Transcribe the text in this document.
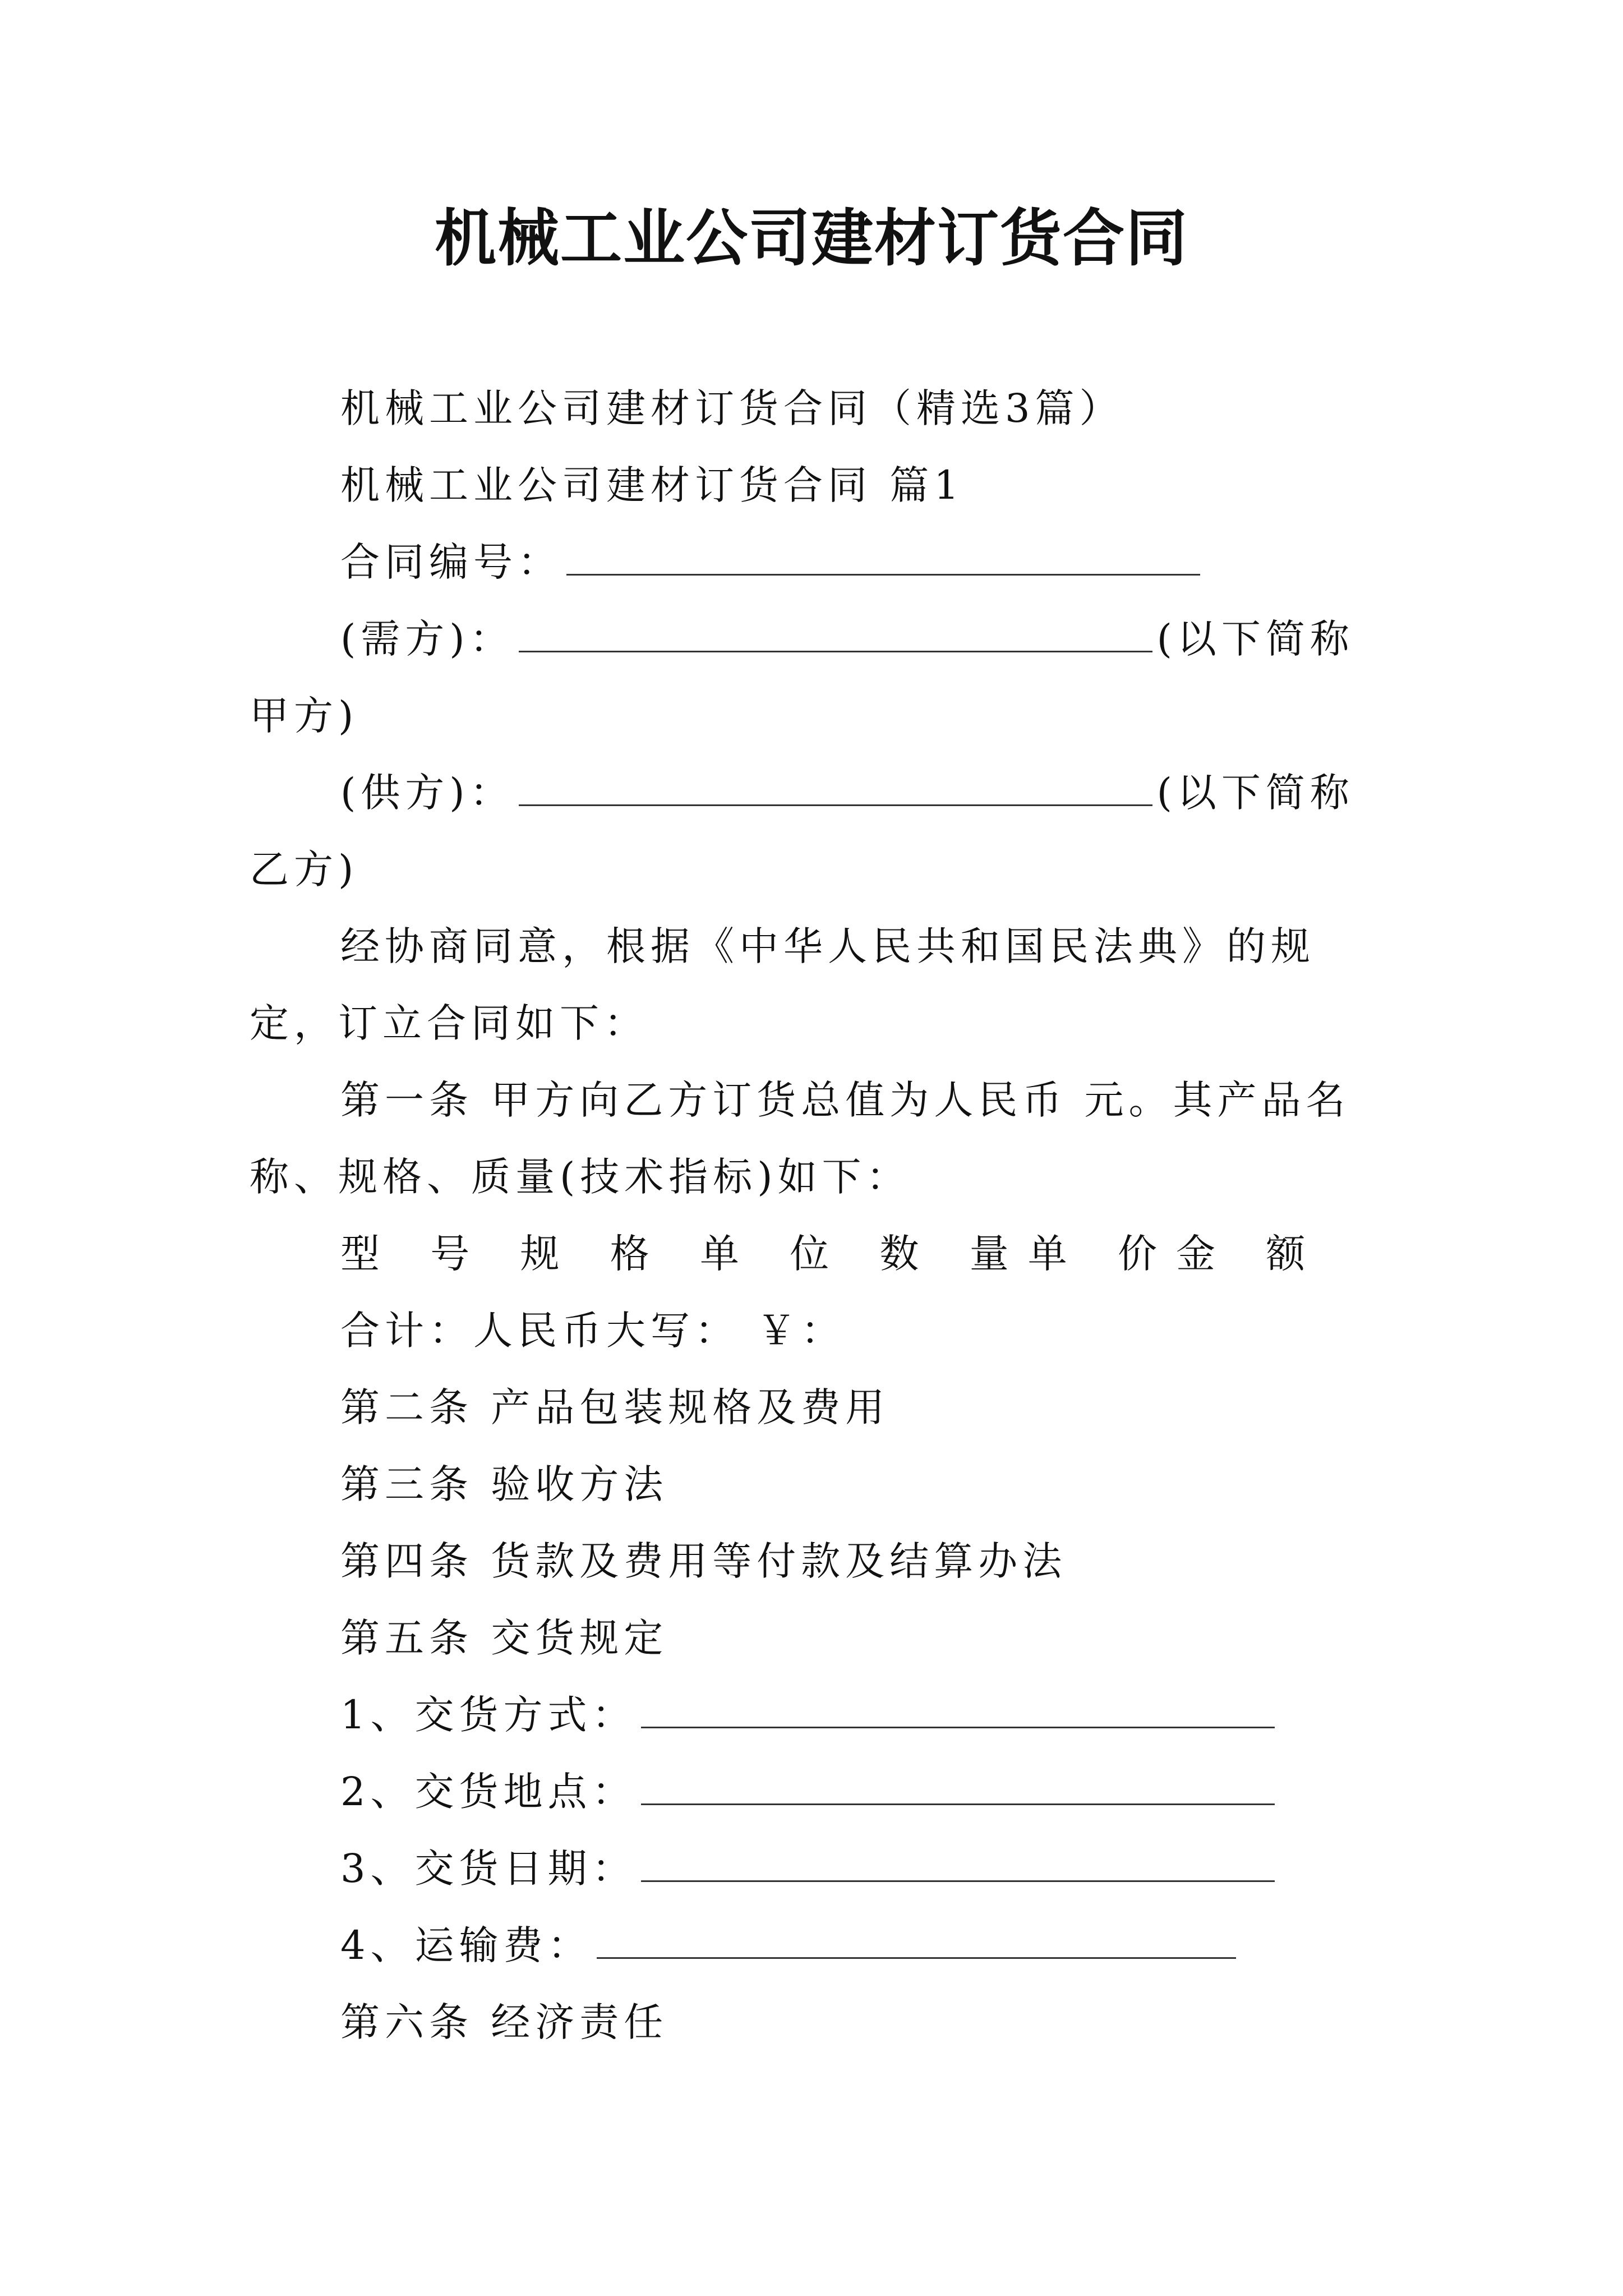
机械工业公司建材订货合同

机械工业公司建材订货合同（精选3篇）

机械工业公司建材订货合同 篇1

合同编号：

(需方)：	(以下简称甲方)

(供方)：	(以下简称乙方)

经协商同意，根据《中华人民共和国民法典》的规定，订立合同如下：

第一条 甲方向乙方订货总值为人民币 元。其产品名称、规格、质量(技术指标)如下：

型 号 规 格 单 位 数 量单 价金 额

合计：人民币大写： ￥：

第二条 产品包装规格及费用

第三条 验收方法

第四条 货款及费用等付款及结算办法

第五条 交货规定

1、交货方式：

2、交货地点：

3、交货日期：

4、运输费：

第六条 经济责任
